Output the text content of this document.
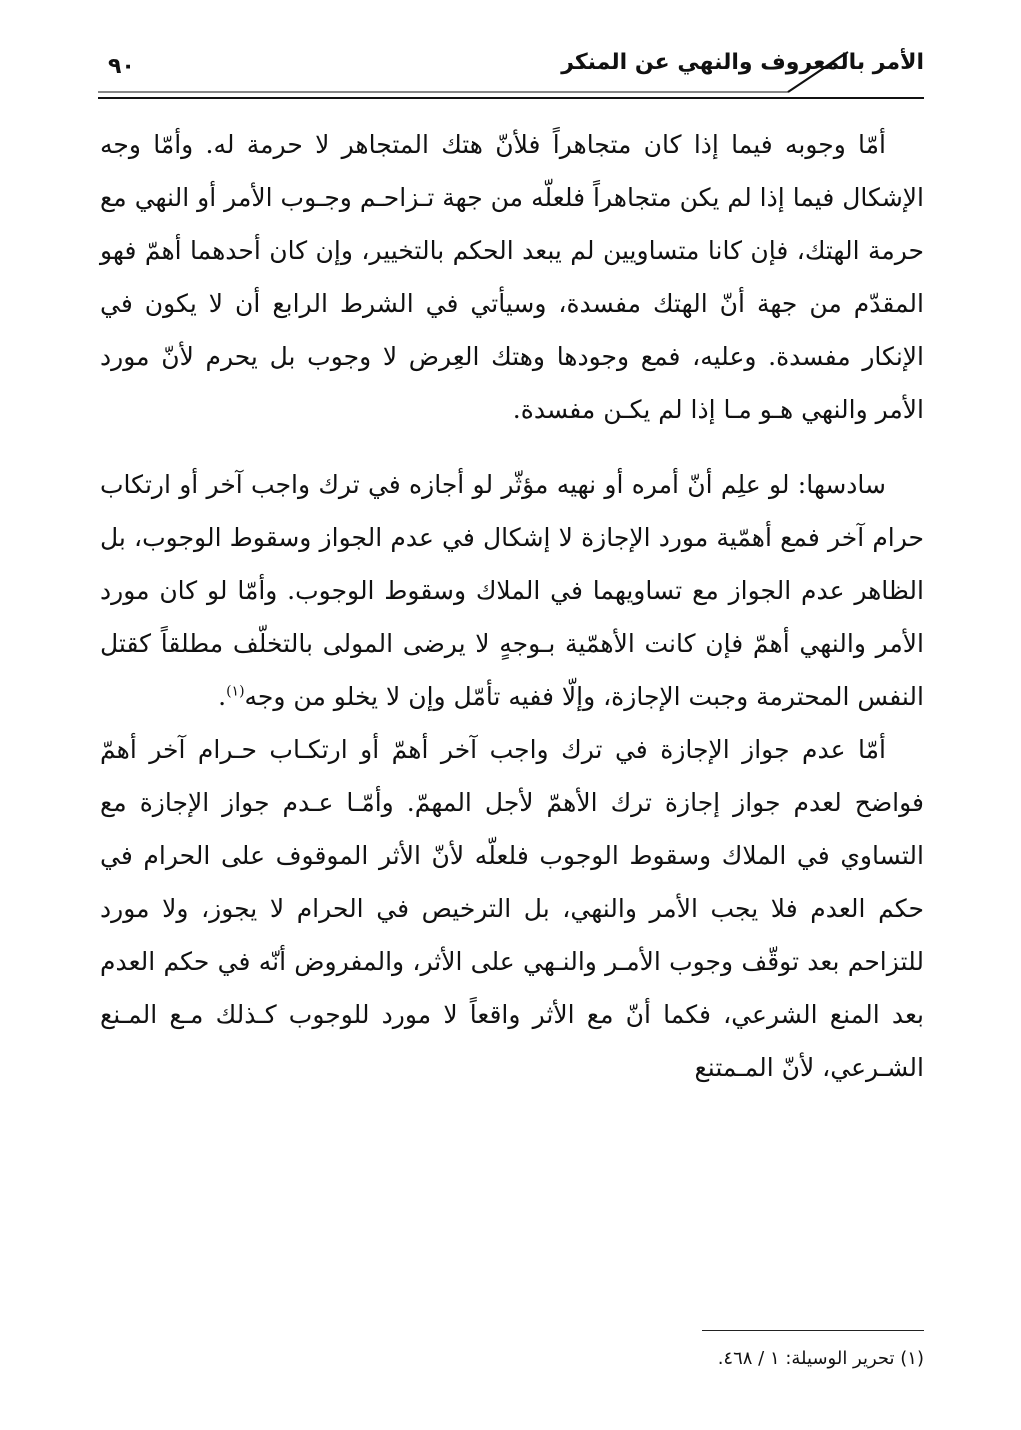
الأمر بالمعروف والنهي عن المنكر
٩٠

أمّا وجوبه فيما إذا كان متجاهراً فلأنّ هتك المتجاهر لا حرمة له. وأمّا وجه الإشكال فيما إذا لم يكن متجاهراً فلعلّه من جهة تـزاحـم وجـوب الأمر أو النهي مع حرمة الهتك، فإن كانا متساويين لم يبعد الحكم بالتخيير، وإن كان أحدهما أهمّ فهو المقدّم من جهة أنّ الهتك مفسدة، وسيأتي في الشرط الرابع أن لا يكون في الإنكار مفسدة. وعليه، فمع وجودها وهتك العِرض لا وجوب بل يحرم لأنّ مورد الأمر والنهي هـو مـا إذا لم يكـن مفسدة.

سادسها: لو علِم أنّ أمره أو نهيه مؤثّر لو أجازه في ترك واجب آخر أو ارتكاب حرام آخر فمع أهمّية مورد الإجازة لا إشكال في عدم الجواز وسقوط الوجوب، بل الظاهر عدم الجواز مع تساويهما في الملاك وسقوط الوجوب. وأمّا لو كان مورد الأمر والنهي أهمّ فإن كانت الأهمّية بـوجهٍ لا يرضى المولى بالتخلّف مطلقاً كقتل النفس المحترمة وجبت الإجازة، وإلّا ففيه تأمّل وإن لا يخلو من وجه$^{(١)}$.

أمّا عدم جواز الإجازة في ترك واجب آخر أهمّ أو ارتكـاب حـرام آخر أهمّ فواضح لعدم جواز إجازة ترك الأهمّ لأجل المهمّ. وأمّـا عـدم جواز الإجازة مع التساوي في الملاك وسقوط الوجوب فلعلّه لأنّ الأثر الموقوف على الحرام في حكم العدم فلا يجب الأمر والنهي، بل الترخيص في الحرام لا يجوز، ولا مورد للتزاحم بعد توقّف وجوب الأمـر والنـهي على الأثر، والمفروض أنّه في حكم العدم بعد المنع الشرعي، فكما أنّ مع الأثر واقعاً لا مورد للوجوب كـذلك مـع المـنع الشـرعي، لأنّ المـمتنع

(١) تحرير الوسيلة: ١ / ٤٦٨.
